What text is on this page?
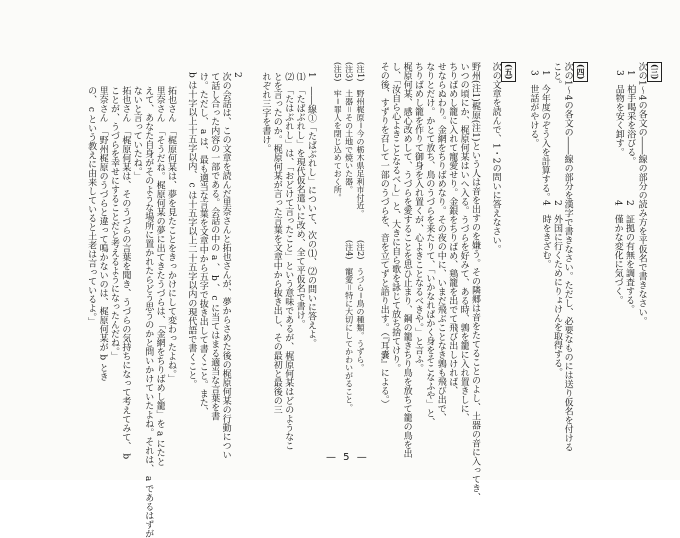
(三)
次の1～4の各文の――線の部分の読み方を平仮名で書きなさい。
1　柏手喝采を浴びる。
3　品物を安く卸す。
2　証拠の有無を調査する。
4　僅かな変化に気づく。
(四)
次の1～4の各文の――線の部分を漢字で書きなさい。ただし、必要なものには送り仮名を付ける
こと。
1　今年度のぞう入を計算する。
3　世話がやける。
2　外国に行くためにりょけんを取得する。
4　時をきざむ。
(五)
次の文章を読んで、1・2の問いに答えなさい。
野州(注1)梶原(注1)という人は音を出すのを嫌う。その隣郷は音をたてることのよし、土器の音に入ってき、
いつの頃にか、梶原何某はいへ入る。うづらを好みて、ある時、鶉を籠に入れ置きしに、
ちりばめし籠に入れて寵愛せり。金銀をちりばめ、鶏籠を出でて飛び出しければ、
せならぬわり。金網をちりばめなり。その夜の中に、いまだ飛ぶことなき鶉も飛び出で、
なりとだけ。かとて放ち、鳥のうづらを来たりて、「いかなればかく身をそこなふや」と、
ちりばめし籠を作りて御身を入れ置くが、心よきことなるべきや。」と言ふ。
梶原何某、感心改めして、うづらを愛することを思ひ止まり、鋼の籠きちり鳥を放ちて籠の鳥を出
し、「汝自ら心よきことなるべし」と、大きに自ら歌を詠じて放ち捨てけり。
その後、すずりを召して一部のうづらを、音を立てずと語り出す。（『耳嚢』による。）
(注1)　野州梶原＝今の栃木県足利市付近。
(注3)　土器＝その土地で焼いた器。
(注5)　牢＝罪人を閉じ込めておく所。
(注2)　うづら＝鳥の種類。うずら。
(注4)　寵愛＝特に大切にしてかわいがること。
1　――線①「たばぶれし」について、次の⑴、⑵の問いに答えよ。
⑴　「たばぶれし」を現代仮名遣いに改め、全て平仮名で書け。
⑵　「たはぶれし」は、「おどけて言ったこと」という意味であるが、梶原何某はどのようなこ
とを言ったのか。梶原何某が言った言葉を文章中から抜き出し、その最初と最後の三
れぞれ三字を書け。
2
次の会話は、この文章を読んだ里奈さんと拓也さんが、夢からさめた後の梶原何某の行動につい
て話し合った内容の一部である。会話の中の a 、 b 、 c に当てはまる適当な言葉を書
け。ただし、 a は、最も適当な言葉を文章中から五字で抜き出して書くこと。また、
b は十字以上十五字以内、 c は十五字以上二十五字以内の現代語で書くこと。
拓也さん　「梶原何某は、夢を見たことをきっかけにして変わったよね。」
里奈さん　「そうだね。梶原何某の夢に出てきたうづらは、「金網をちりばめし籠」を a にたと
えて、あなた自身がそのような場所に置かれたらどう思うのかと問いかけていたよね。それは、 a であるはずが
ないと言っていたね。」
拓也さん　「梶原何某は、そのうづらの言葉を聞き、うづらの気持ちになって考えてみて、 b
ことが、うづらを幸せにすることだと考えるようになったんだね。」
里奈さん　「野州梶原のうづらと違って鳴かないのは、梶原何某が b とき
の、 c という教えに由来していると土老は言っているよ。」
— 5 —
